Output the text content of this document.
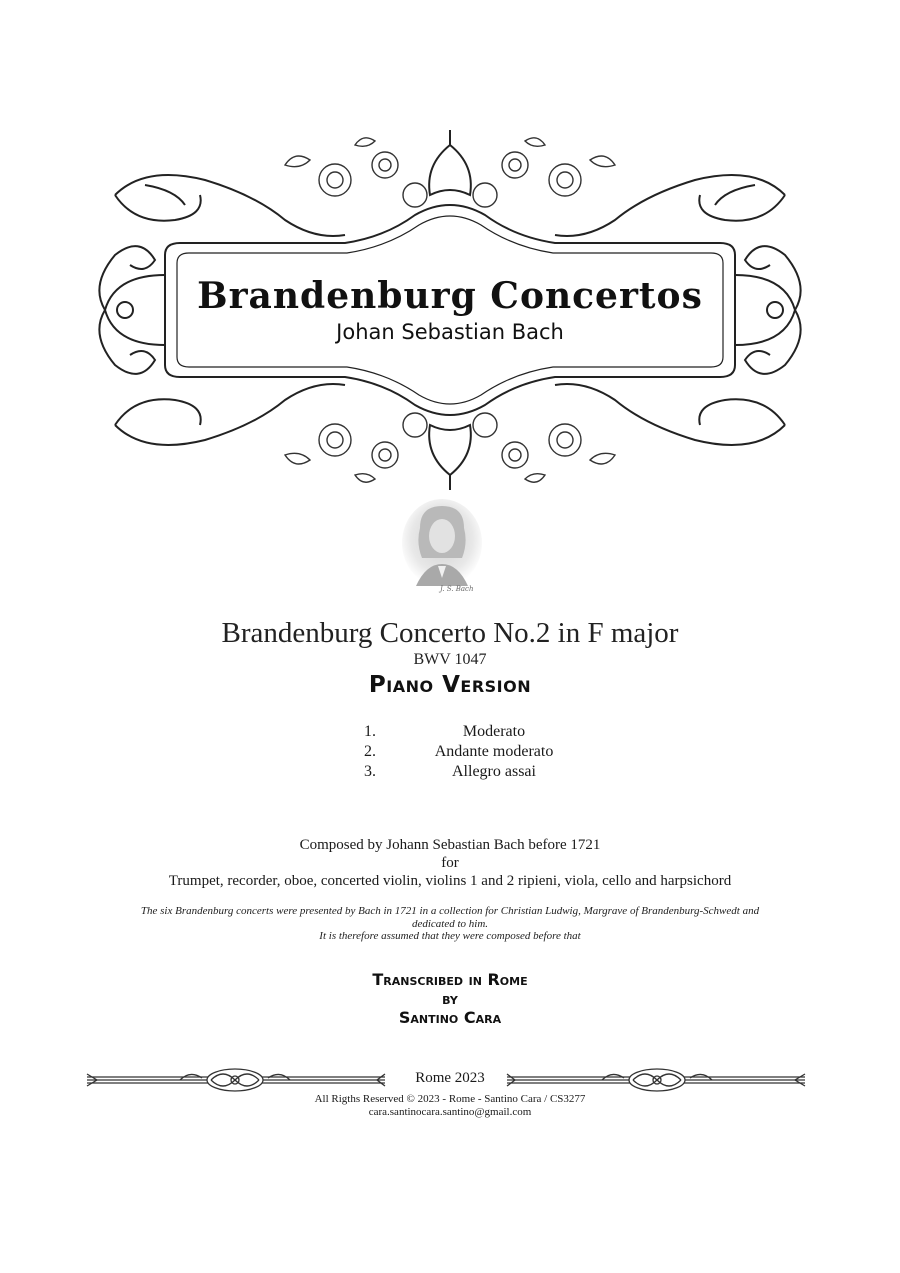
Brandenburg Concertos
Johan Sebastian Bach
J. S. Bach
Brandenburg Concerto No.2 in F major
BWV 1047
Piano Version
1.	Moderato
2.	Andante moderato
3.	Allegro assai
Composed by Johann Sebastian Bach before 1721
for
Trumpet, recorder, oboe, concerted violin, violins 1 and 2 ripieni, viola, cello and harpsichord
The six Brandenburg concerts were presented by Bach in 1721 in a collection for Christian Ludwig, Margrave of Brandenburg-Schwedt and
dedicated to him.
It is therefore assumed that they were composed before that
Transcribed in Rome
by
Santino Cara
Rome 2023
All Rigths Reserved © 2023 - Rome - Santino Cara / CS3277
cara.santinocara.santino@gmail.com
